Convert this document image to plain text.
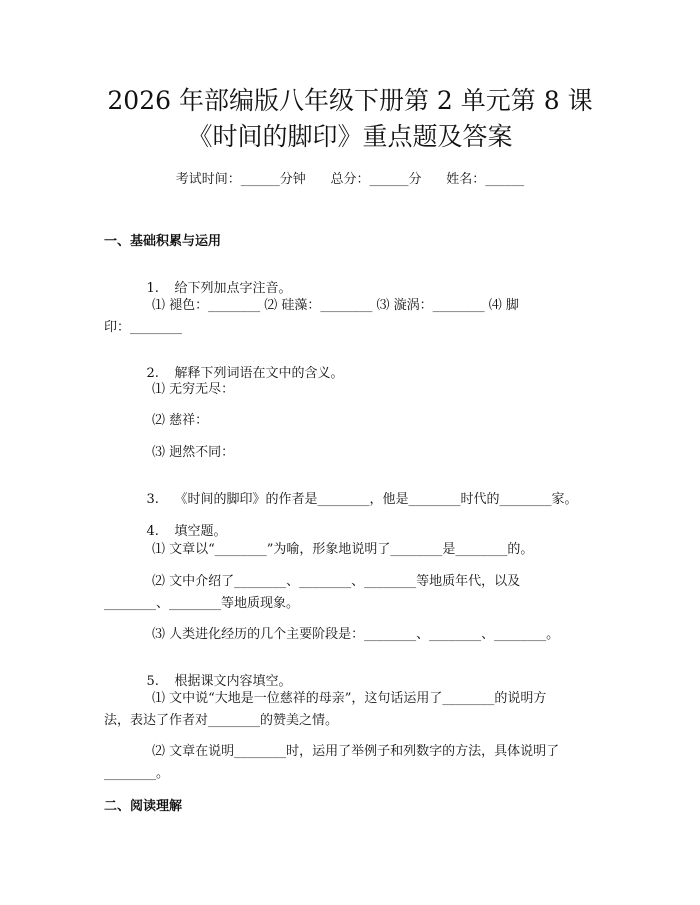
2026 年部编版八年级下册第 2 单元第 8 课
《时间的脚印》重点题及答案
考试时间：______分钟      总分：______分      姓名：______
一、基础积累与运用

1. 给下列加点字注音。

⑴ 褪色：________ ⑵ 硅藻：________ ⑶ 漩涡：________ ⑷ 脚
印：________

2. 解释下列词语在文中的含义。

⑴ 无穷无尽：
⑵ 慈祥：
⑶ 迥然不同：

3. 《时间的脚印》的作者是________，他是________时代的________家。

4. 填空题。

⑴ 文章以“________”为喻，形象地说明了________是________的。
⑵ 文中介绍了________、________、________等地质年代，以及
________、________等地质现象。
⑶ 人类进化经历的几个主要阶段是：________、________、________。

5. 根据课文内容填空。

⑴ 文中说“大地是一位慈祥的母亲”，这句话运用了________的说明方
法，表达了作者对________的赞美之情。
⑵ 文章在说明________时，运用了举例子和列数字的方法，具体说明了
________。
二、阅读理解
